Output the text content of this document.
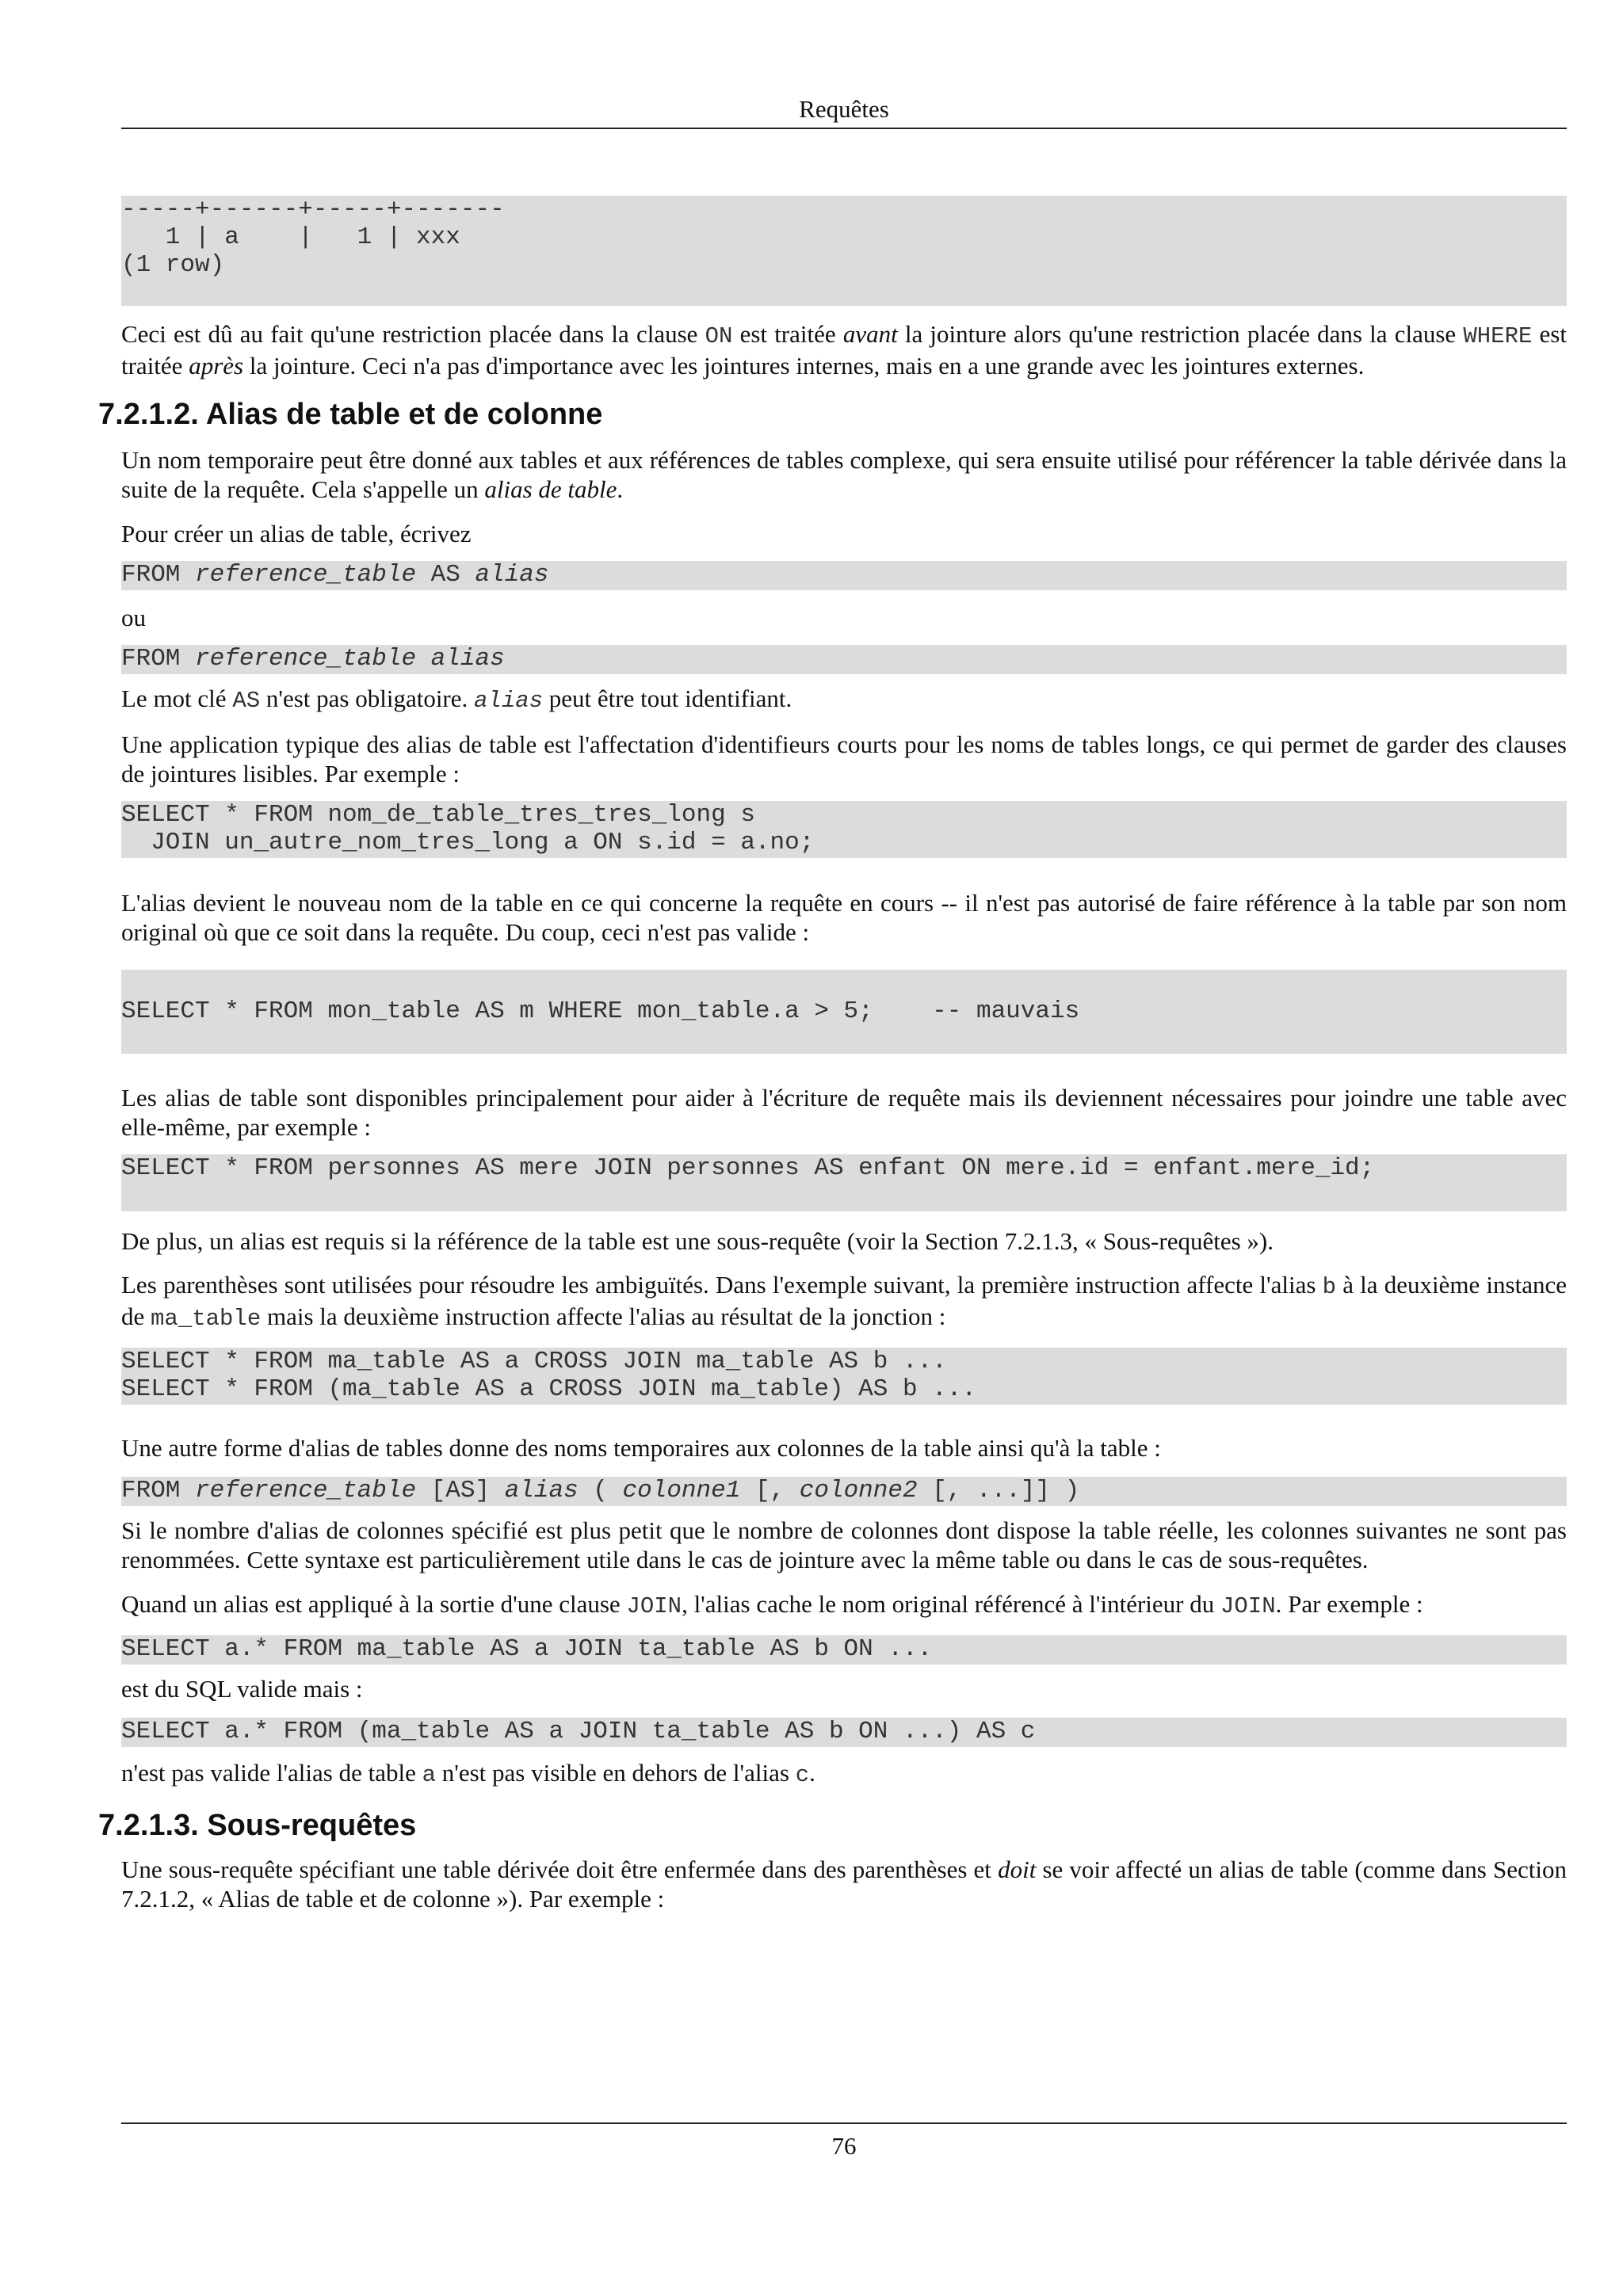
Requêtes
-----+------+-----+-------
1 | a    |   1 | xxx
(1 row)

Ceci est dû au fait qu'une restriction placée dans la clause ON est traitée avant la jointure alors qu'une restriction placée dans la clause WHERE est traitée après la jointure. Ceci n'a pas d'importance avec les jointures internes, mais en a une grande avec les jointures externes.

7.2.1.2. Alias de table et de colonne

Un nom temporaire peut être donné aux tables et aux références de tables complexe, qui sera ensuite utilisé pour référencer la table dérivée dans la suite de la requête. Cela s'appelle un alias de table.

Pour créer un alias de table, écrivez

FROM reference_table AS alias

ou

FROM reference_table alias

Le mot clé AS n'est pas obligatoire. alias peut être tout identifiant.

Une application typique des alias de table est l'affectation d'identifieurs courts pour les noms de tables longs, ce qui permet de garder des clauses de jointures lisibles. Par exemple :

SELECT * FROM nom_de_table_tres_tres_long s
JOIN un_autre_nom_tres_long a ON s.id = a.no;

L'alias devient le nouveau nom de la table en ce qui concerne la requête en cours -- il n'est pas autorisé de faire référence à la table par son nom original où que ce soit dans la requête. Du coup, ceci n'est pas valide :

SELECT * FROM mon_table AS m WHERE mon_table.a > 5;    -- mauvais

Les alias de table sont disponibles principalement pour aider à l'écriture de requête mais ils deviennent nécessaires pour joindre une table avec elle-même, par exemple :

SELECT * FROM personnes AS mere JOIN personnes AS enfant ON mere.id = enfant.mere_id;

De plus, un alias est requis si la référence de la table est une sous-requête (voir la Section 7.2.1.3, « Sous-requêtes »).

Les parenthèses sont utilisées pour résoudre les ambiguïtés. Dans l'exemple suivant, la première instruction affecte l'alias b à la deuxième instance de ma_table mais la deuxième instruction affecte l'alias au résultat de la jonction :

SELECT * FROM ma_table AS a CROSS JOIN ma_table AS b ...
SELECT * FROM (ma_table AS a CROSS JOIN ma_table) AS b ...

Une autre forme d'alias de tables donne des noms temporaires aux colonnes de la table ainsi qu'à la table :

FROM reference_table [AS] alias ( colonne1 [, colonne2 [, ...]] )

Si le nombre d'alias de colonnes spécifié est plus petit que le nombre de colonnes dont dispose la table réelle, les colonnes suivantes ne sont pas renommées. Cette syntaxe est particulièrement utile dans le cas de jointure avec la même table ou dans le cas de sous-requêtes.

Quand un alias est appliqué à la sortie d'une clause JOIN, l'alias cache le nom original référencé à l'intérieur du JOIN. Par exemple :

SELECT a.* FROM ma_table AS a JOIN ta_table AS b ON ...

est du SQL valide mais :

SELECT a.* FROM (ma_table AS a JOIN ta_table AS b ON ...) AS c

n'est pas valide l'alias de table a n'est pas visible en dehors de l'alias c.

7.2.1.3. Sous-requêtes

Une sous-requête spécifiant une table dérivée doit être enfermée dans des parenthèses et doit se voir affecté un alias de table (comme dans Section 7.2.1.2, « Alias de table et de colonne »). Par exemple :

76
